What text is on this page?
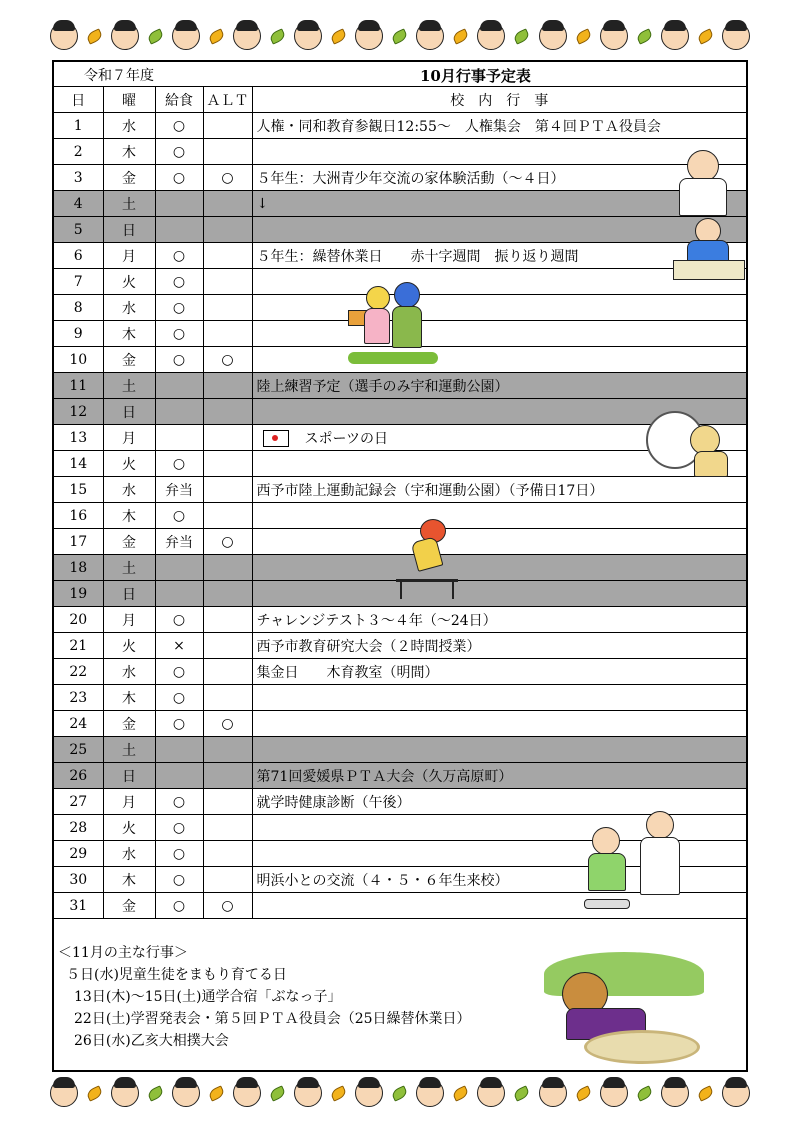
令和７年度	10月行事予定表
日	曜	給食	ＡＬＴ	校　内　行　事
1	水	○		人権・同和教育参観日12:55～　人権集会　第４回ＰＴＡ役員会
2	木	○		
3	金	○	○	５年生：大洲青少年交流の家体験活動（～４日）
4	土			↓
5	日			
6	月	○		５年生：繰替休業日　　赤十字週間　振り返り週間
7	火	○		
8	水	○		
9	木	○		
10	金	○	○	
11	土			陸上練習予定（選手のみ宇和運動公園）
12	日			
13	月			スポーツの日
14	火	○		
15	水	弁当		西予市陸上運動記録会（宇和運動公園）（予備日17日）
16	木	○		
17	金	弁当	○	
18	土			
19	日			
20	月	○		チャレンジテスト３～４年（～24日）
21	火	×		西予市教育研究大会（２時間授業）
22	水	○		集金日　　木育教室（明間）
23	木	○		
24	金	○	○	
25	土			
26	日			第71回愛媛県ＰＴＡ大会（久万高原町）
27	月	○		就学時健康診断（午後）
28	火	○		
29	水	○		
30	木	○		明浜小との交流（４・５・６年生来校）
31	金	○	○	
＜11月の主な行事＞
５日(水)児童生徒をまもり育てる日
13日(木)～15日(土)通学合宿「ぶなっ子」
22日(土)学習発表会・第５回ＰＴＡ役員会（25日繰替休業日）
26日(水)乙亥大相撲大会
